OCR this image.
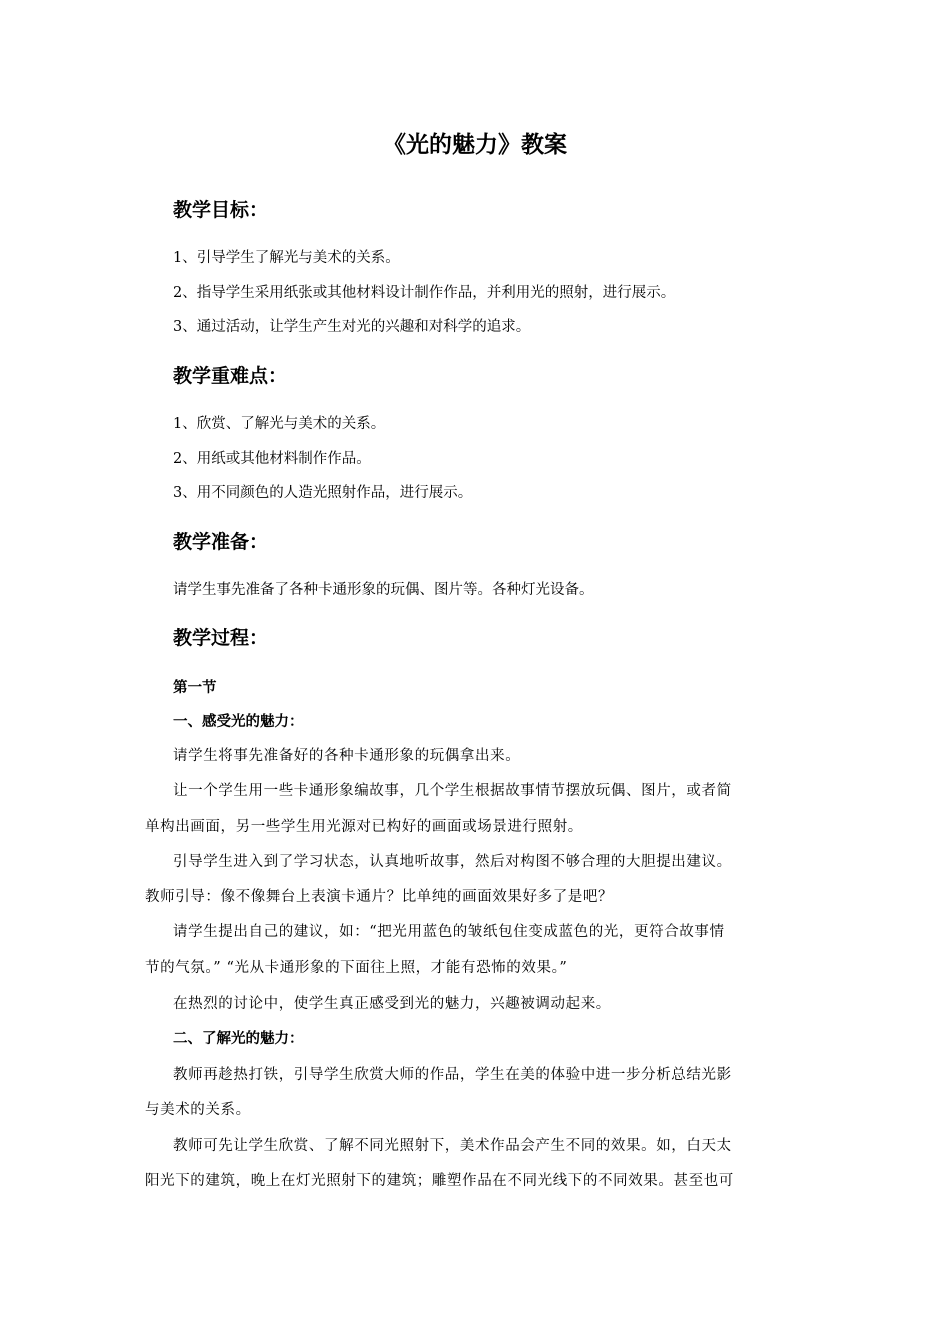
《光的魅力》教案
教学目标：

1、引导学生了解光与美术的关系。

2、指导学生采用纸张或其他材料设计制作作品，并利用光的照射，进行展示。

3、通过活动，让学生产生对光的兴趣和对科学的追求。

教学重难点：

1、欣赏、了解光与美术的关系。

2、用纸或其他材料制作作品。

3、用不同颜色的人造光照射作品，进行展示。

教学准备：

请学生事先准备了各种卡通形象的玩偶、图片等。各种灯光设备。

教学过程：

第一节

一、感受光的魅力：

请学生将事先准备好的各种卡通形象的玩偶拿出来。

让一个学生用一些卡通形象编故事，几个学生根据故事情节摆放玩偶、图片，或者简

单构出画面，另一些学生用光源对已构好的画面或场景进行照射。

引导学生进入到了学习状态，认真地听故事，然后对构图不够合理的大胆提出建议。

教师引导：像不像舞台上表演卡通片？比单纯的画面效果好多了是吧？

请学生提出自己的建议，如：“把光用蓝色的皱纸包住变成蓝色的光，更符合故事情

节的气氛。” “光从卡通形象的下面往上照，才能有恐怖的效果。”

在热烈的讨论中，使学生真正感受到光的魅力，兴趣被调动起来。

二、了解光的魅力：

教师再趁热打铁，引导学生欣赏大师的作品，学生在美的体验中进一步分析总结光影

与美术的关系。

教师可先让学生欣赏、了解不同光照射下，美术作品会产生不同的效果。如，白天太

阳光下的建筑，晚上在灯光照射下的建筑；雕塑作品在不同光线下的不同效果。甚至也可
